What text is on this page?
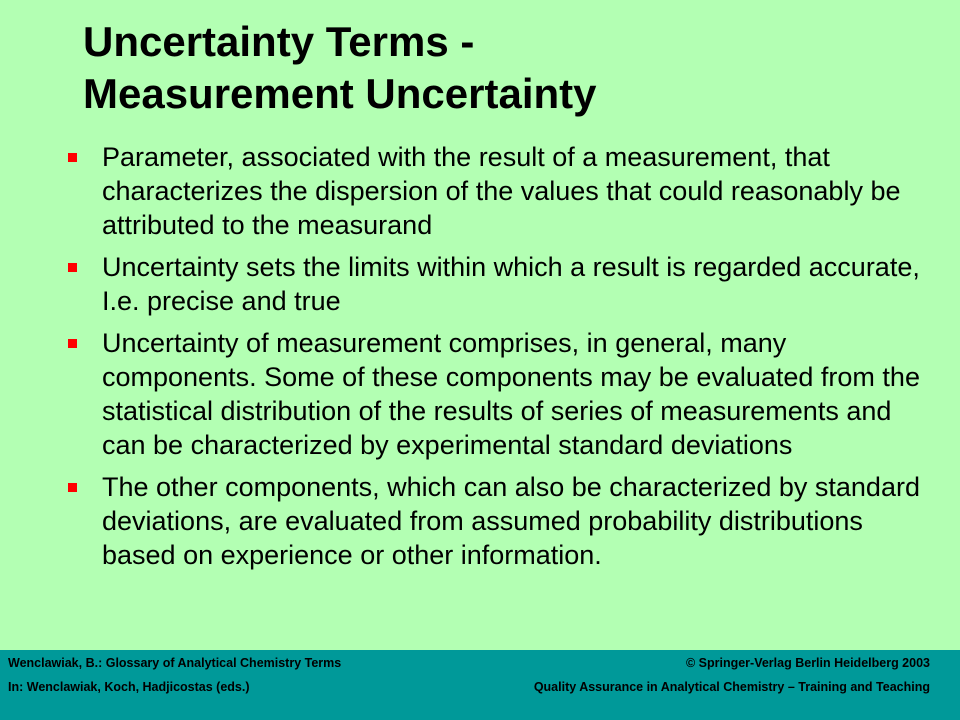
Uncertainty Terms -
Measurement Uncertainty
Parameter, associated with the result of a measurement, that characterizes the dispersion of the values that could reasonably be attributed to the measurand
Uncertainty sets the limits within which a result is regarded accurate, I.e. precise and true
Uncertainty of measurement comprises, in general, many components. Some of these components may be evaluated from the statistical distribution of the results of series of measurements and can be characterized by experimental standard deviations
The other components, which can also be characterized by standard deviations, are evaluated from assumed probability distributions based on experience or other information.
Wenclawiak, B.: Glossary of Analytical Chemistry Terms	© Springer-Verlag Berlin Heidelberg 2003
In: Wenclawiak, Koch, Hadjicostas (eds.)	Quality Assurance in Analytical Chemistry – Training and Teaching
